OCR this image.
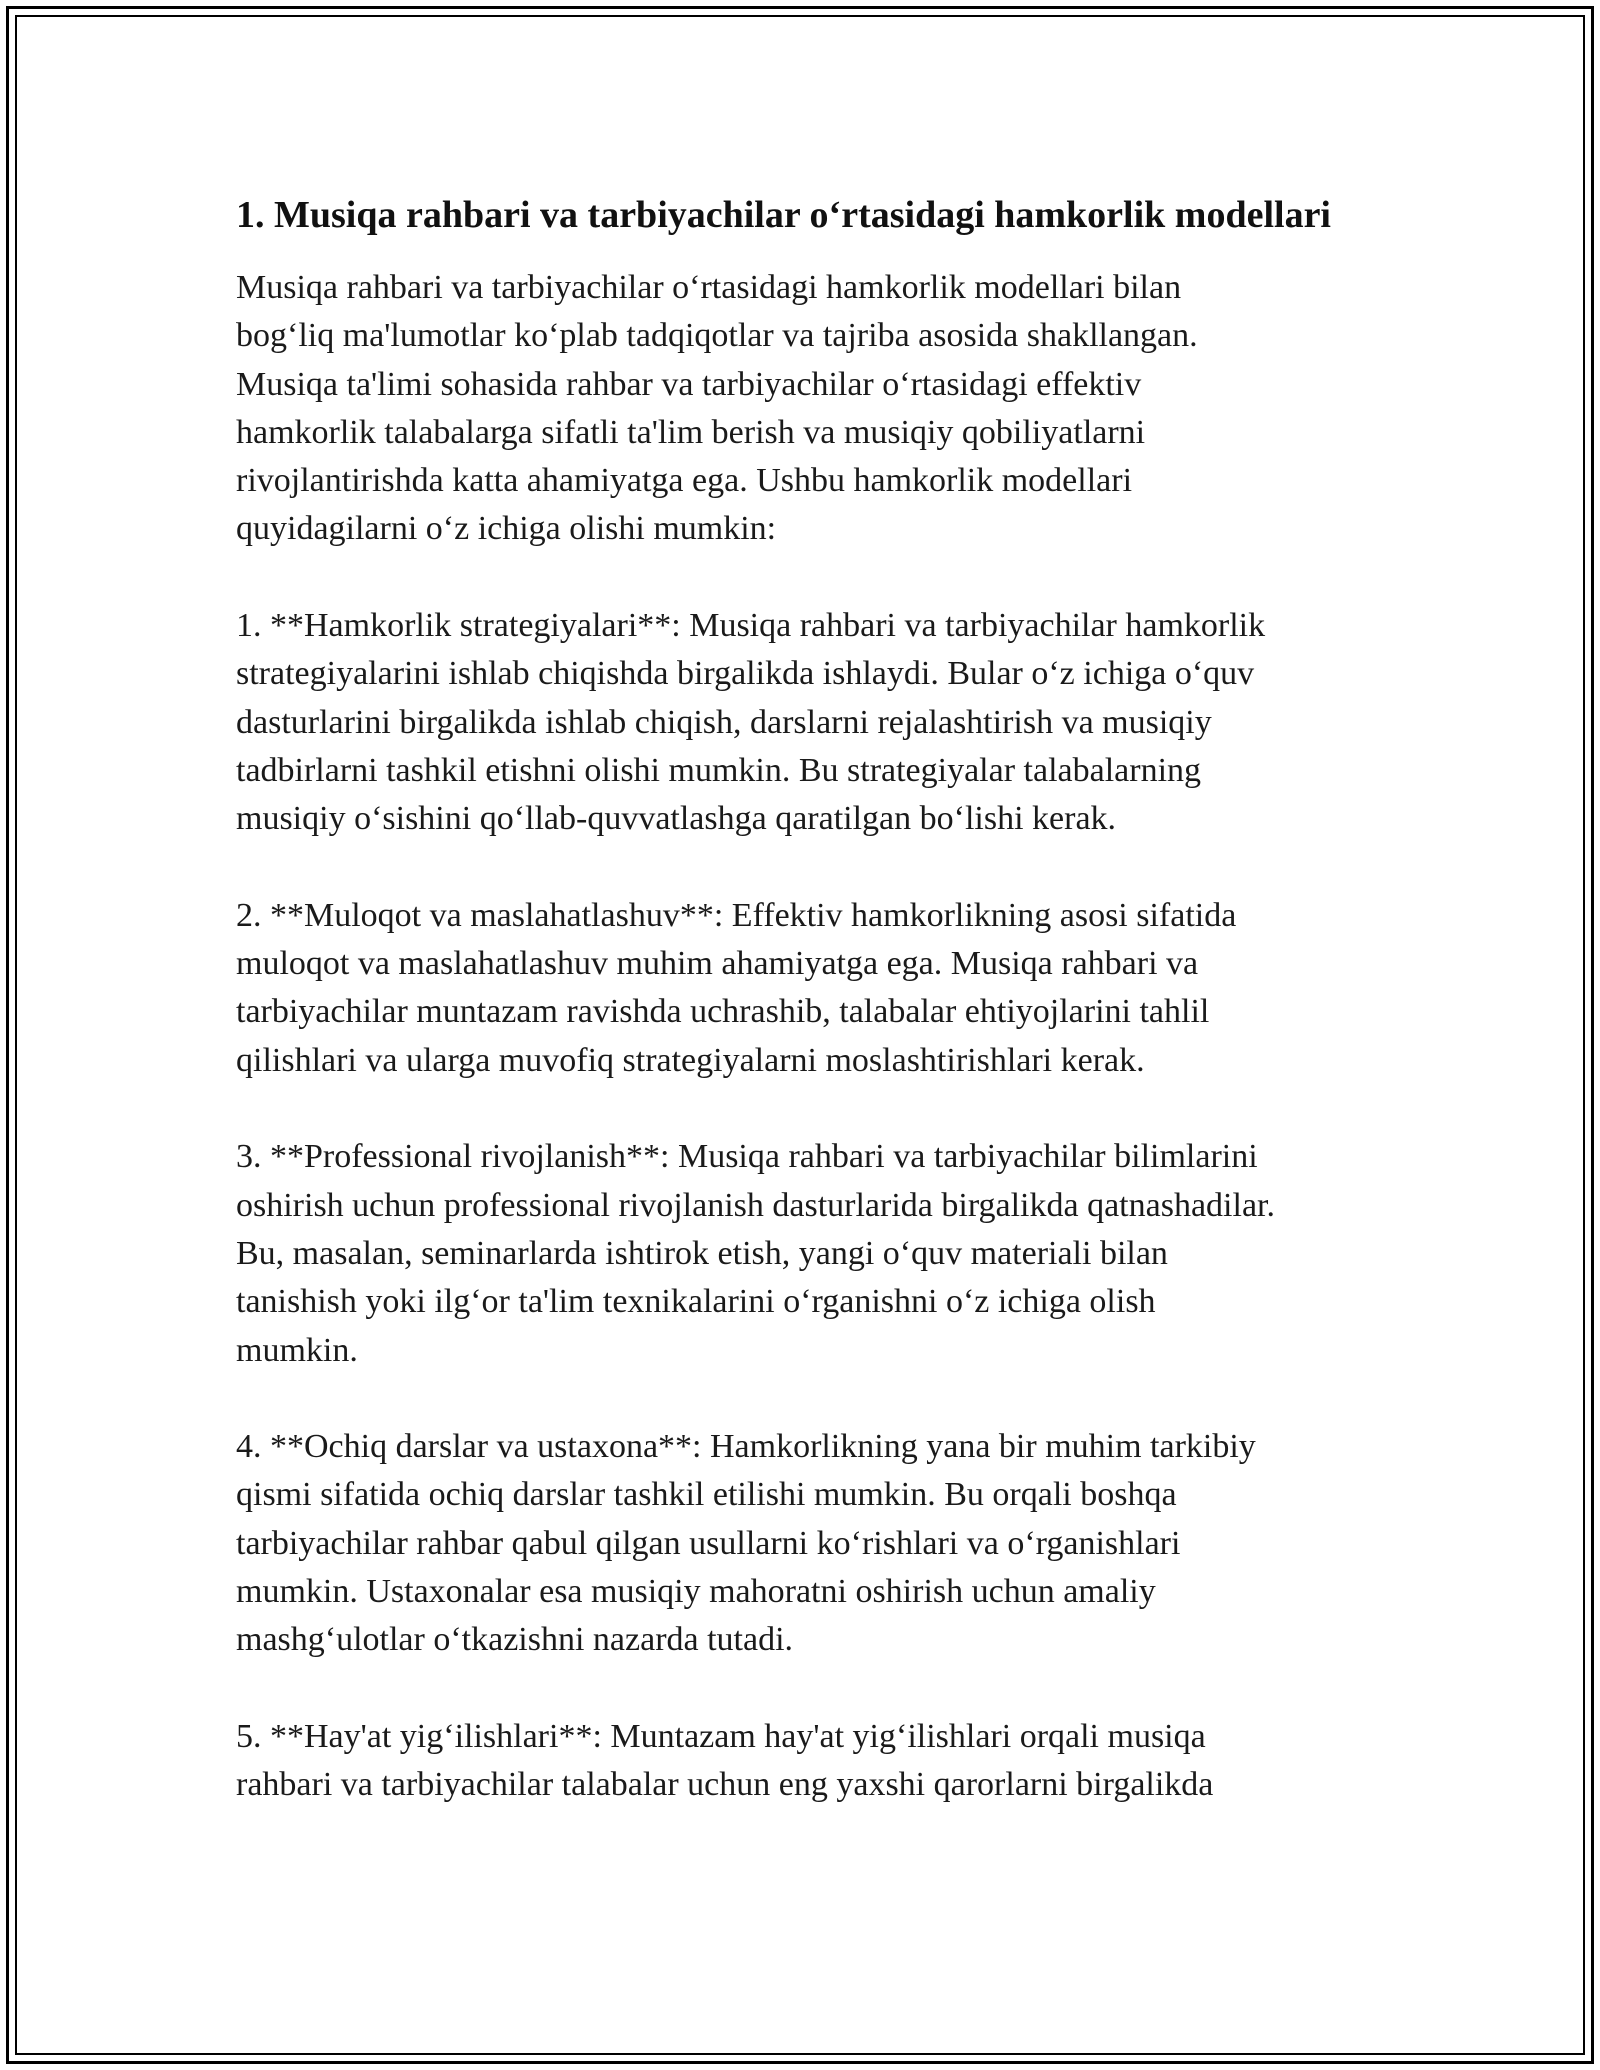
1. Musiqa rahbari va tarbiyachilar o‘rtasidagi hamkorlik modellari
Musiqa rahbari va tarbiyachilar o‘rtasidagi hamkorlik modellari bilan
bog‘liq ma'lumotlar ko‘plab tadqiqotlar va tajriba asosida shakllangan.
Musiqa ta'limi sohasida rahbar va tarbiyachilar o‘rtasidagi effektiv
hamkorlik talabalarga sifatli ta'lim berish va musiqiy qobiliyatlarni
rivojlantirishda katta ahamiyatga ega. Ushbu hamkorlik modellari
quyidagilarni o‘z ichiga olishi mumkin:

1. **Hamkorlik strategiyalari**: Musiqa rahbari va tarbiyachilar hamkorlik
strategiyalarini ishlab chiqishda birgalikda ishlaydi. Bular o‘z ichiga o‘quv
dasturlarini birgalikda ishlab chiqish, darslarni rejalashtirish va musiqiy
tadbirlarni tashkil etishni olishi mumkin. Bu strategiyalar talabalarning
musiqiy o‘sishini qo‘llab-quvvatlashga qaratilgan bo‘lishi kerak.

2. **Muloqot va maslahatlashuv**: Effektiv hamkorlikning asosi sifatida
muloqot va maslahatlashuv muhim ahamiyatga ega. Musiqa rahbari va
tarbiyachilar muntazam ravishda uchrashib, talabalar ehtiyojlarini tahlil
qilishlari va ularga muvofiq strategiyalarni moslashtirishlari kerak.

3. **Professional rivojlanish**: Musiqa rahbari va tarbiyachilar bilimlarini
oshirish uchun professional rivojlanish dasturlarida birgalikda qatnashadilar.
Bu, masalan, seminarlarda ishtirok etish, yangi o‘quv materiali bilan
tanishish yoki ilg‘or ta'lim texnikalarini o‘rganishni o‘z ichiga olish
mumkin.

4. **Ochiq darslar va ustaxona**: Hamkorlikning yana bir muhim tarkibiy
qismi sifatida ochiq darslar tashkil etilishi mumkin. Bu orqali boshqa
tarbiyachilar rahbar qabul qilgan usullarni ko‘rishlari va o‘rganishlari
mumkin. Ustaxonalar esa musiqiy mahoratni oshirish uchun amaliy
mashg‘ulotlar o‘tkazishni nazarda tutadi.

5. **Hay'at yig‘ilishlari**: Muntazam hay'at yig‘ilishlari orqali musiqa
rahbari va tarbiyachilar talabalar uchun eng yaxshi qarorlarni birgalikda
